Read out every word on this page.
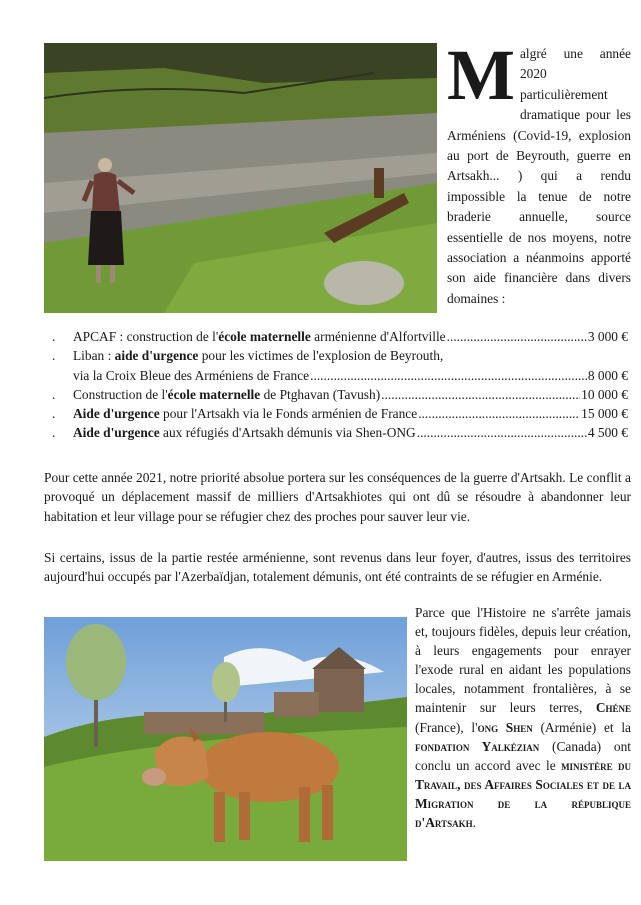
Malgré une année 2020 particulièrement dramatique pour les Arméniens (Covid-19, explosion au port de Beyrouth, guerre en Artsakh... ) qui a rendu impossible la tenue de notre braderie annuelle, source essentielle de nos moyens, notre association a néanmoins apporté son aide financière dans divers domaines :
. APCAF : construction de l'école maternelle arménienne d'Alfortville .....	3 000 €
. Liban : aide d'urgence pour les victimes de l'explosion de Beyrouth,
via la Croix Bleue des Arméniens de France .....	8 000 €
. Construction de l'école maternelle de Ptghavan (Tavush) .....	10 000 €
. Aide d'urgence pour l'Artsakh via le Fonds arménien de France .....	15 000 €
. Aide d'urgence aux réfugiés d'Artsakh démunis via Shen-ONG .....	4 500 €

Pour cette année 2021, notre priorité absolue portera sur les conséquences de la guerre d'Artsakh. Le conflit a provoqué un déplacement massif de milliers d'Artsakhiotes qui ont dû se résoudre à abandonner leur habitation et leur village pour se réfugier chez des proches pour sauver leur vie.

Si certains, issus de la partie restée arménienne, sont revenus dans leur foyer, d'autres, issus des territoires aujourd'hui occupés par l'Azerbaïdjan, totalement démunis, ont été contraints de se réfugier en Arménie.

Parce que l'Histoire ne s'arrête jamais et, toujours fidèles, depuis leur création, à leurs engagements pour enrayer l'exode rural en aidant les populations locales, notamment frontalières, à se maintenir sur leurs terres, Chéne (France), l'ong Shen (Arménie) et la fondation Yalkézian (Canada) ont conclu un accord avec le ministère du Travail, des Affaires Sociales et de la Migration de la république d'Artsakh.
